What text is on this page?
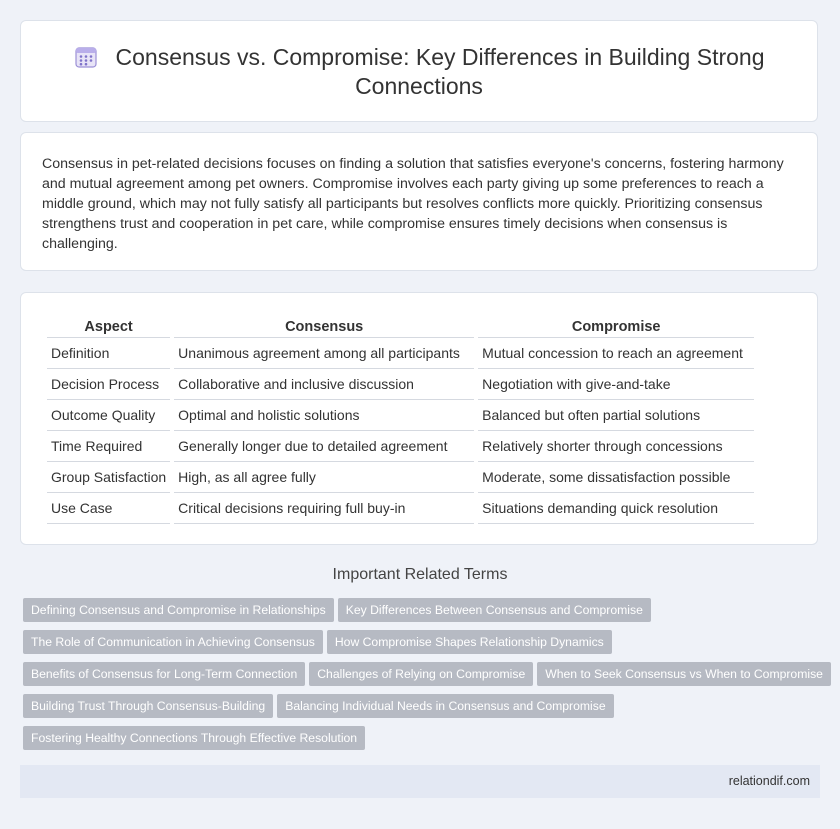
Consensus vs. Compromise: Key Differences in Building Strong Connections

Consensus in pet-related decisions focuses on finding a solution that satisfies everyone's concerns, fostering harmony and mutual agreement among pet owners. Compromise involves each party giving up some preferences to reach a middle ground, which may not fully satisfy all participants but resolves conflicts more quickly. Prioritizing consensus strengthens trust and cooperation in pet care, while compromise ensures timely decisions when consensus is challenging.

Aspect	Consensus	Compromise
Definition	Unanimous agreement among all participants	Mutual concession to reach an agreement
Decision Process	Collaborative and inclusive discussion	Negotiation with give-and-take
Outcome Quality	Optimal and holistic solutions	Balanced but often partial solutions
Time Required	Generally longer due to detailed agreement	Relatively shorter through concessions
Group Satisfaction	High, as all agree fully	Moderate, some dissatisfaction possible
Use Case	Critical decisions requiring full buy-in	Situations demanding quick resolution
Important Related Terms
Defining Consensus and Compromise in Relationships Key Differences Between Consensus and Compromise
The Role of Communication in Achieving Consensus How Compromise Shapes Relationship Dynamics
Benefits of Consensus for Long-Term Connection Challenges of Relying on Compromise When to Seek Consensus vs When to Compromise
Building Trust Through Consensus-Building Balancing Individual Needs in Consensus and Compromise
Fostering Healthy Connections Through Effective Resolution
relationdif.com
